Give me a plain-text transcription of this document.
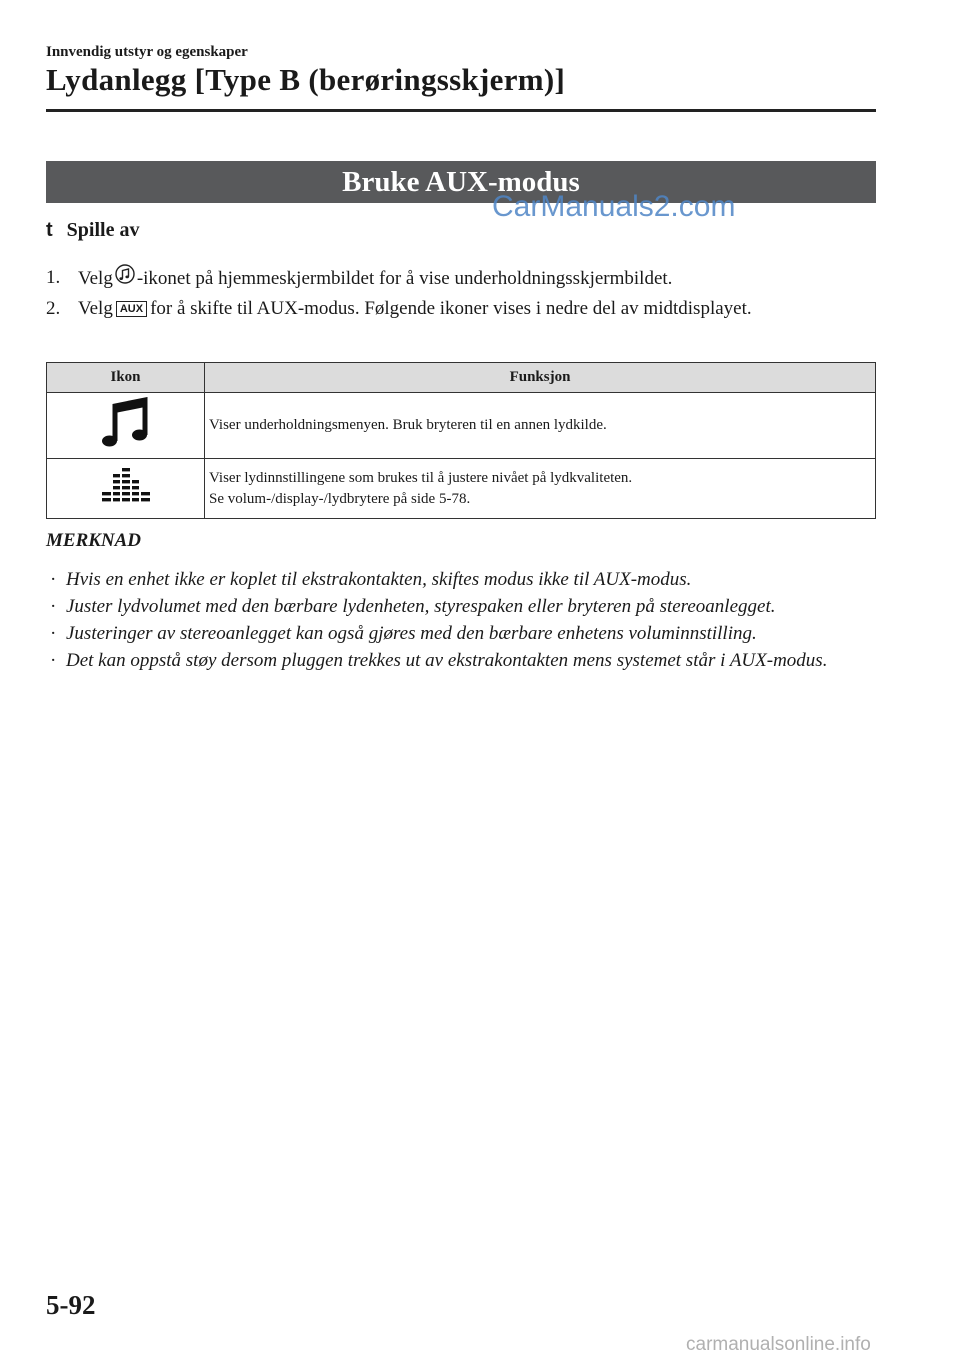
Innvendig utstyr og egenskaper
Lydanlegg [Type B (berøringsskjerm)]
Bruke AUX-modus
CarManuals2.com
t Spille av
1. Velg -ikonet på hjemmeskjermbildet for å vise underholdningsskjermbildet.
2. Velg AUX for å skifte til AUX-modus. Følgende ikoner vises i nedre del av midtdisplayet.
Ikon	Funksjon

Viser underholdningsmenyen. Bruk bryteren til en annen lydkilde.

Viser lydinnstillingene som brukes til å justere nivået på lydkvaliteten.
Se volum-/display-/lydbrytere på side 5-78.
MERKNAD
· Hvis en enhet ikke er koplet til ekstrakontakten, skiftes modus ikke til AUX-modus.
· Juster lydvolumet med den bærbare lydenheten, styrespaken eller bryteren på stereoanlegget.
· Justeringer av stereoanlegget kan også gjøres med den bærbare enhetens voluminnstilling.
· Det kan oppstå støy dersom pluggen trekkes ut av ekstrakontakten mens systemet står i AUX-modus.
5-92
carmanualsonline.info
